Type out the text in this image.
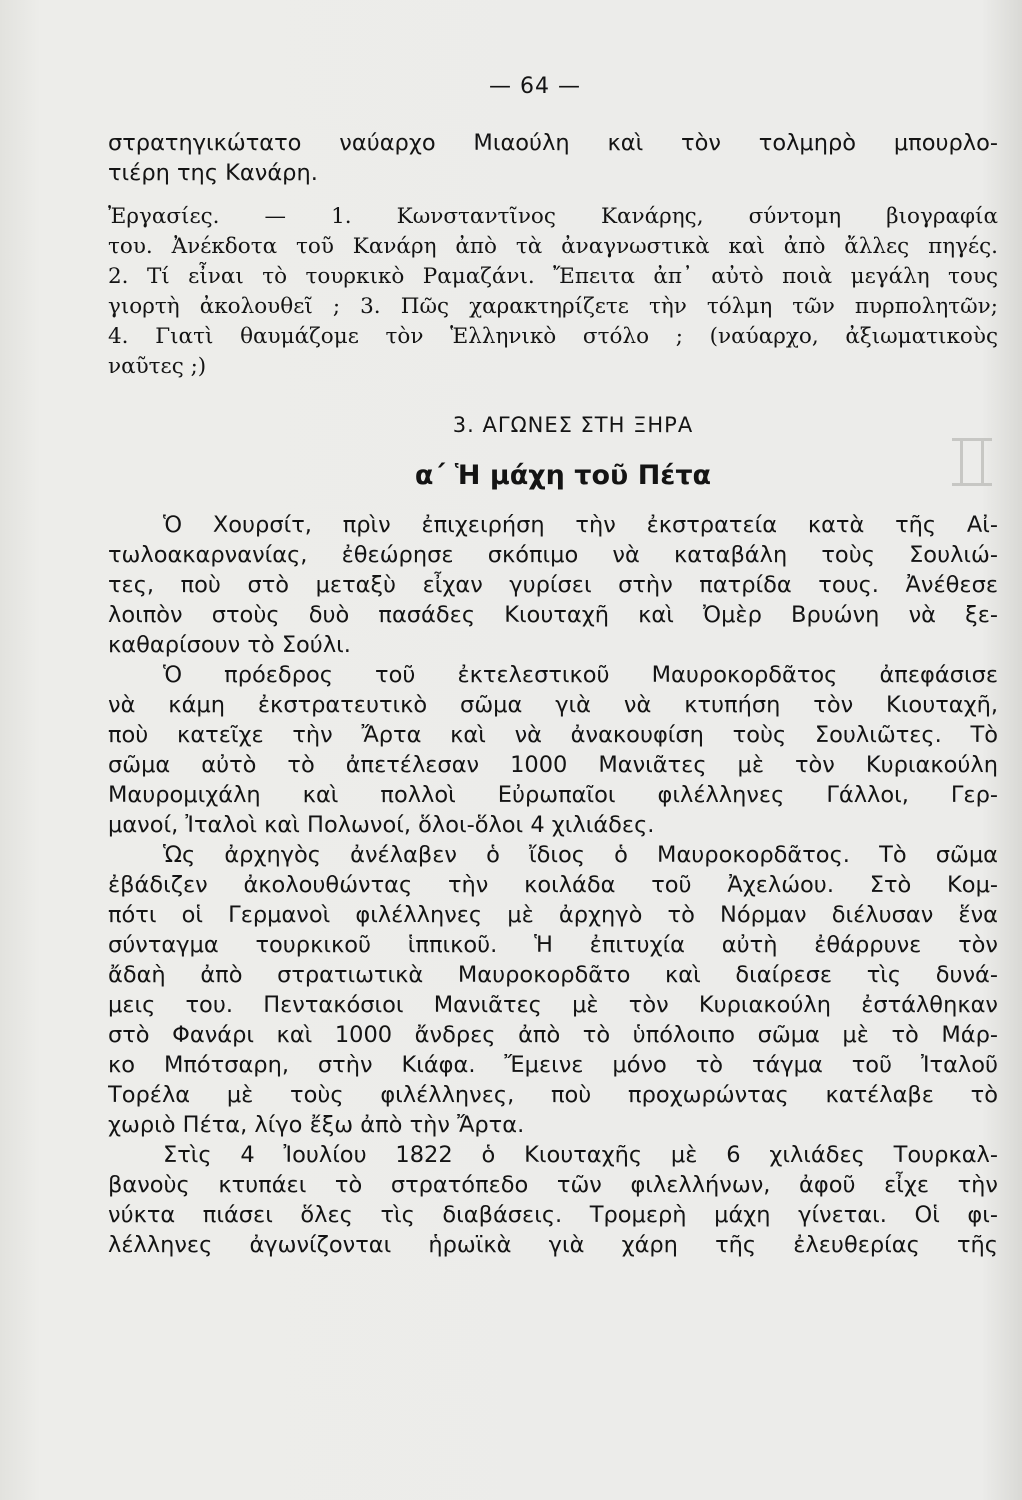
— 64 —
στρατηγικώτατο ναύαρχο Μιαούλη καὶ τὸν τολμηρὸ μπουρλο-
τιέρη της Κανάρη.
Ἐργασίες. — 1. Κωνσταντῖνος Κανάρης, σύντομη βιογραφία
του. Ἀνέκδοτα τοῦ Κανάρη ἀπὸ τὰ ἀναγνωστικὰ καὶ ἀπὸ ἄλλες πηγές.
2. Τί εἶναι τὸ τουρκικὸ Ραμαζάνι. Ἔπειτα ἀπ᾿ αὐτὸ ποιὰ μεγάλη τους
γιορτὴ ἀκολουθεῖ ; 3. Πῶς χαρακτηρίζετε τὴν τόλμη τῶν πυρπολητῶν;
4. Γιατὶ θαυμάζομε τὸν Ἑλληνικὸ στόλο ; (ναύαρχο, ἀξιωματικοὺς
ναῦτες ;)
3. ΑΓΩΝΕΣ ΣΤΗ ΞΗΡΑ
α΄ Ἡ μάχη τοῦ Πέτα
Ὁ Χουρσίτ, πρὶν ἐπιχειρήση τὴν ἐκστρατεία κατὰ τῆς Αἰ-
τωλοακαρνανίας, ἐθεώρησε σκόπιμο νὰ καταβάλη τοὺς Σουλιώ-
τες, ποὺ στὸ μεταξὺ εἶχαν γυρίσει στὴν πατρίδα τους. Ἀνέθεσε
λοιπὸν στοὺς δυὸ πασάδες Κιουταχῆ καὶ Ὀμὲρ Βρυώνη νὰ ξε-
καθαρίσουν τὸ Σούλι.
Ὁ πρόεδρος τοῦ ἐκτελεστικοῦ Μαυροκορδᾶτος ἀπεφάσισε
νὰ κάμη ἐκστρατευτικὸ σῶμα γιὰ νὰ κτυπήση τὸν Κιουταχῆ,
ποὺ κατεῖχε τὴν Ἄρτα καὶ νὰ ἀνακουφίση τοὺς Σουλιῶτες. Τὸ
σῶμα αὐτὸ τὸ ἀπετέλεσαν 1000 Μανιᾶτες μὲ τὸν Κυριακούλη
Μαυρομιχάλη καὶ πολλοὶ Εὐρωπαῖοι φιλέλληνες Γάλλοι, Γερ-
μανοί, Ἰταλοὶ καὶ Πολωνοί, ὅλοι-ὅλοι 4 χιλιάδες.
Ὡς ἀρχηγὸς ἀνέλαβεν ὁ ἴδιος ὁ Μαυροκορδᾶτος. Τὸ σῶμα
ἐβάδιζεν ἀκολουθώντας τὴν κοιλάδα τοῦ Ἀχελώου. Στὸ Κομ-
πότι οἱ Γερμανοὶ φιλέλληνες μὲ ἀρχηγὸ τὸ Νόρμαν διέλυσαν ἕνα
σύνταγμα τουρκικοῦ ἱππικοῦ. Ἡ ἐπιτυχία αὐτὴ ἐθάρρυνε τὸν
ἄδαὴ ἀπὸ στρατιωτικὰ Μαυροκορδᾶτο καὶ διαίρεσε τὶς δυνά-
μεις του. Πεντακόσιοι Μανιᾶτες μὲ τὸν Κυριακούλη ἐστάλθηκαν
στὸ Φανάρι καὶ 1000 ἄνδρες ἀπὸ τὸ ὑπόλοιπο σῶμα μὲ τὸ Μάρ-
κο Μπότσαρη, στὴν Κιάφα. Ἔμεινε μόνο τὸ τάγμα τοῦ Ἰταλοῦ
Τορέλα μὲ τοὺς φιλέλληνες, ποὺ προχωρώντας κατέλαβε τὸ
χωριὸ Πέτα, λίγο ἔξω ἀπὸ τὴν Ἄρτα.
Στὶς 4 Ἰουλίου 1822 ὁ Κιουταχῆς μὲ 6 χιλιάδες Τουρκαλ-
βανοὺς κτυπάει τὸ στρατόπεδο τῶν φιλελλήνων, ἀφοῦ εἶχε τὴν
νύκτα πιάσει ὅλες τὶς διαβάσεις. Τρομερὴ μάχη γίνεται. Οἱ φι-
λέλληνες ἀγωνίζονται ἡρωϊκὰ γιὰ χάρη τῆς ἐλευθερίας τῆς
